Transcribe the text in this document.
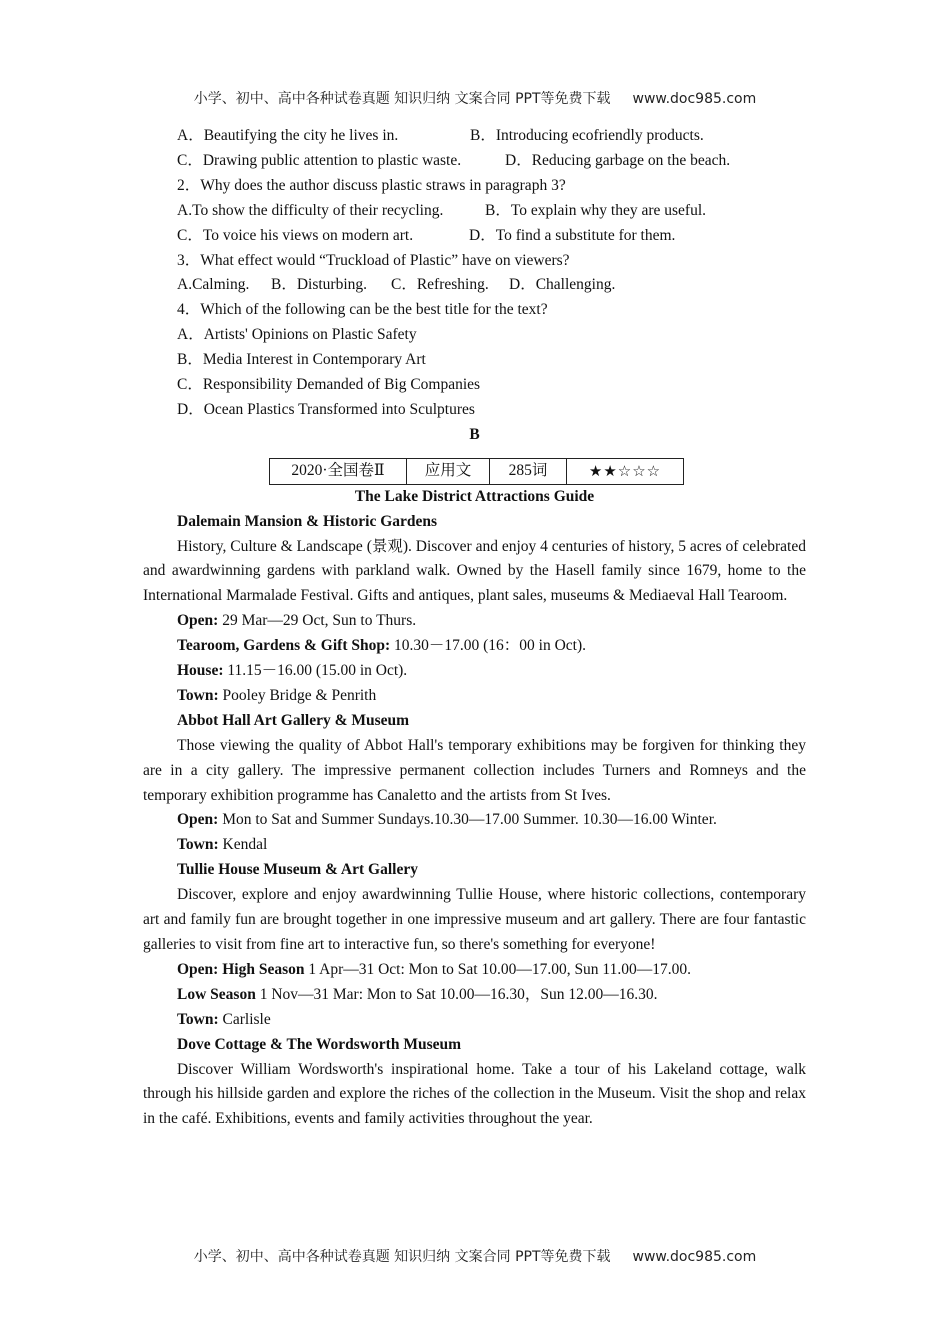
小学、初中、高中各种试卷真题 知识归纳 文案合同 PPT等免费下载 www.doc985.com
A．Beautifying the city he lives in.	B．Introducing ecofriendly products.
C．Drawing public attention to plastic waste.	D．Reducing garbage on the beach.
2．Why does the author discuss plastic straws in paragraph 3?
A.To show the difficulty of their recycling.	B．To explain why they are useful.
C．To voice his views on modern art.	D．To find a substitute for them.
3．What effect would “Truckload of Plastic” have on viewers?
A.Calming. B．Disturbing. C．Refreshing. D．Challenging.
4．Which of the following can be the best title for the text?
A．Artists' Opinions on Plastic Safety
B．Media Interest in Contemporary Art
C．Responsibility Demanded of Big Companies
D．Ocean Plastics Transformed into Sculptures
B
2020·全国卷Ⅱ	应用文	285词	★★☆☆☆
The Lake District Attractions Guide
Dalemain Mansion & Historic Gardens
History, Culture & Landscape (景观). Discover and enjoy 4 centuries of history, 5 acres of celebrated and awardwinning gardens with parkland walk. Owned by the Hasell family since 1679, home to the International Marmalade Festival. Gifts and antiques, plant sales, museums & Mediaeval Hall Tearoom.
Open: 29 Mar—29 Oct, Sun to Thurs.
Tearoom, Gardens & Gift Shop: 10.30－17.00 (16：00 in Oct).
House: 11.15－16.00 (15.00 in Oct).
Town: Pooley Bridge & Penrith
Abbot Hall Art Gallery & Museum
Those viewing the quality of Abbot Hall's temporary exhibitions may be forgiven for thinking they are in a city gallery. The impressive permanent collection includes Turners and Romneys and the temporary exhibition programme has Canaletto and the artists from St Ives.
Open: Mon to Sat and Summer Sundays.10.30—17.00 Summer. 10.30—16.00 Winter.
Town: Kendal
Tullie House Museum & Art Gallery
Discover, explore and enjoy awardwinning Tullie House, where historic collections, contemporary art and family fun are brought together in one impressive museum and art gallery. There are four fantastic galleries to visit from fine art to interactive fun, so there's something for everyone!
Open: High Season 1 Apr—31 Oct: Mon to Sat 10.00—17.00, Sun 11.00—17.00.
Low Season 1 Nov—31 Mar: Mon to Sat 10.00—16.30，Sun 12.00—16.30.
Town: Carlisle
Dove Cottage & The Wordsworth Museum
Discover William Wordsworth's inspirational home. Take a tour of his Lakeland cottage, walk through his hillside garden and explore the riches of the collection in the Museum. Visit the shop and relax in the café. Exhibitions, events and family activities throughout the year.
小学、初中、高中各种试卷真题 知识归纳 文案合同 PPT等免费下载 www.doc985.com
